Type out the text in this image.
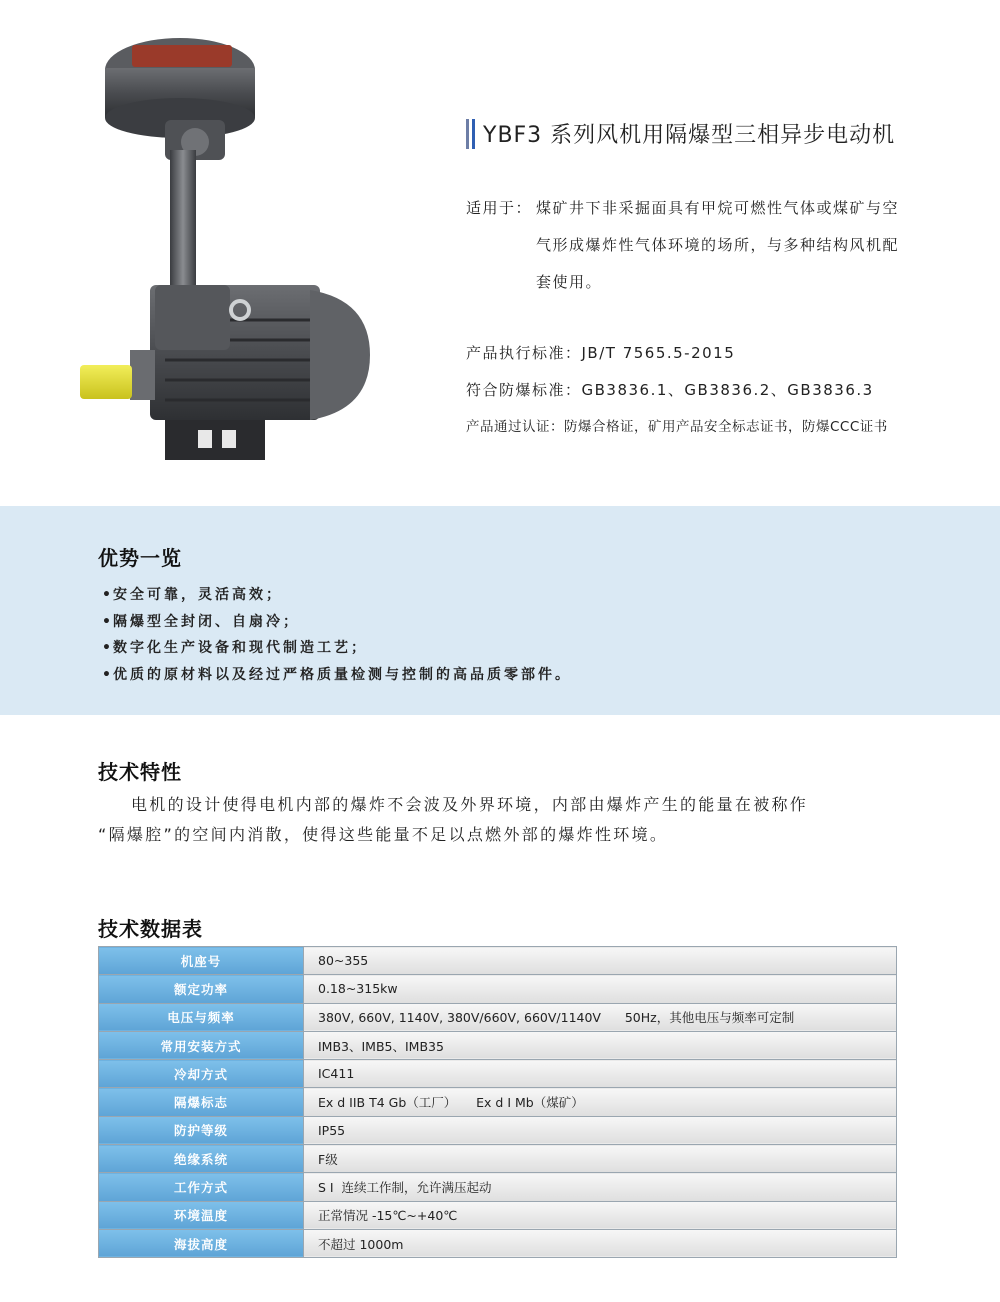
YBF3 系列风机用隔爆型三相异步电动机
适用于： 煤矿井下非采掘面具有甲烷可燃性气体或煤矿与空
气形成爆炸性气体环境的场所，与多种结构风机配
套使用。
产品执行标准：JB/T 7565.5-2015
符合防爆标准：GB3836.1、GB3836.2、GB3836.3
产品通过认证：防爆合格证，矿用产品安全标志证书，防爆CCC证书
优势一览
• 安全可靠，灵活高效；
• 隔爆型全封闭、自扇冷；
• 数字化生产设备和现代制造工艺；
• 优质的原材料以及经过严格质量检测与控制的高品质零部件。
技术特性
电机的设计使得电机内部的爆炸不会波及外界环境，内部由爆炸产生的能量在被称作
“隔爆腔”的空间内消散，使得这些能量不足以点燃外部的爆炸性环境。
技术数据表
机座号	80~355
额定功率	0.18~315kw
电压与频率	380V, 660V, 1140V, 380V/660V, 660V/1140V      50Hz，其他电压与频率可定制
常用安装方式	IMB3、IMB5、IMB35
冷却方式	IC411
隔爆标志	Ex d IIB T4 Gb（工厂）     Ex d Ⅰ Mb（煤矿）
防护等级	IP55
绝缘系统	F级
工作方式	S Ⅰ  连续工作制，允许满压起动
环境温度	正常情况 -15℃~+40℃
海拔高度	不超过 1000m
